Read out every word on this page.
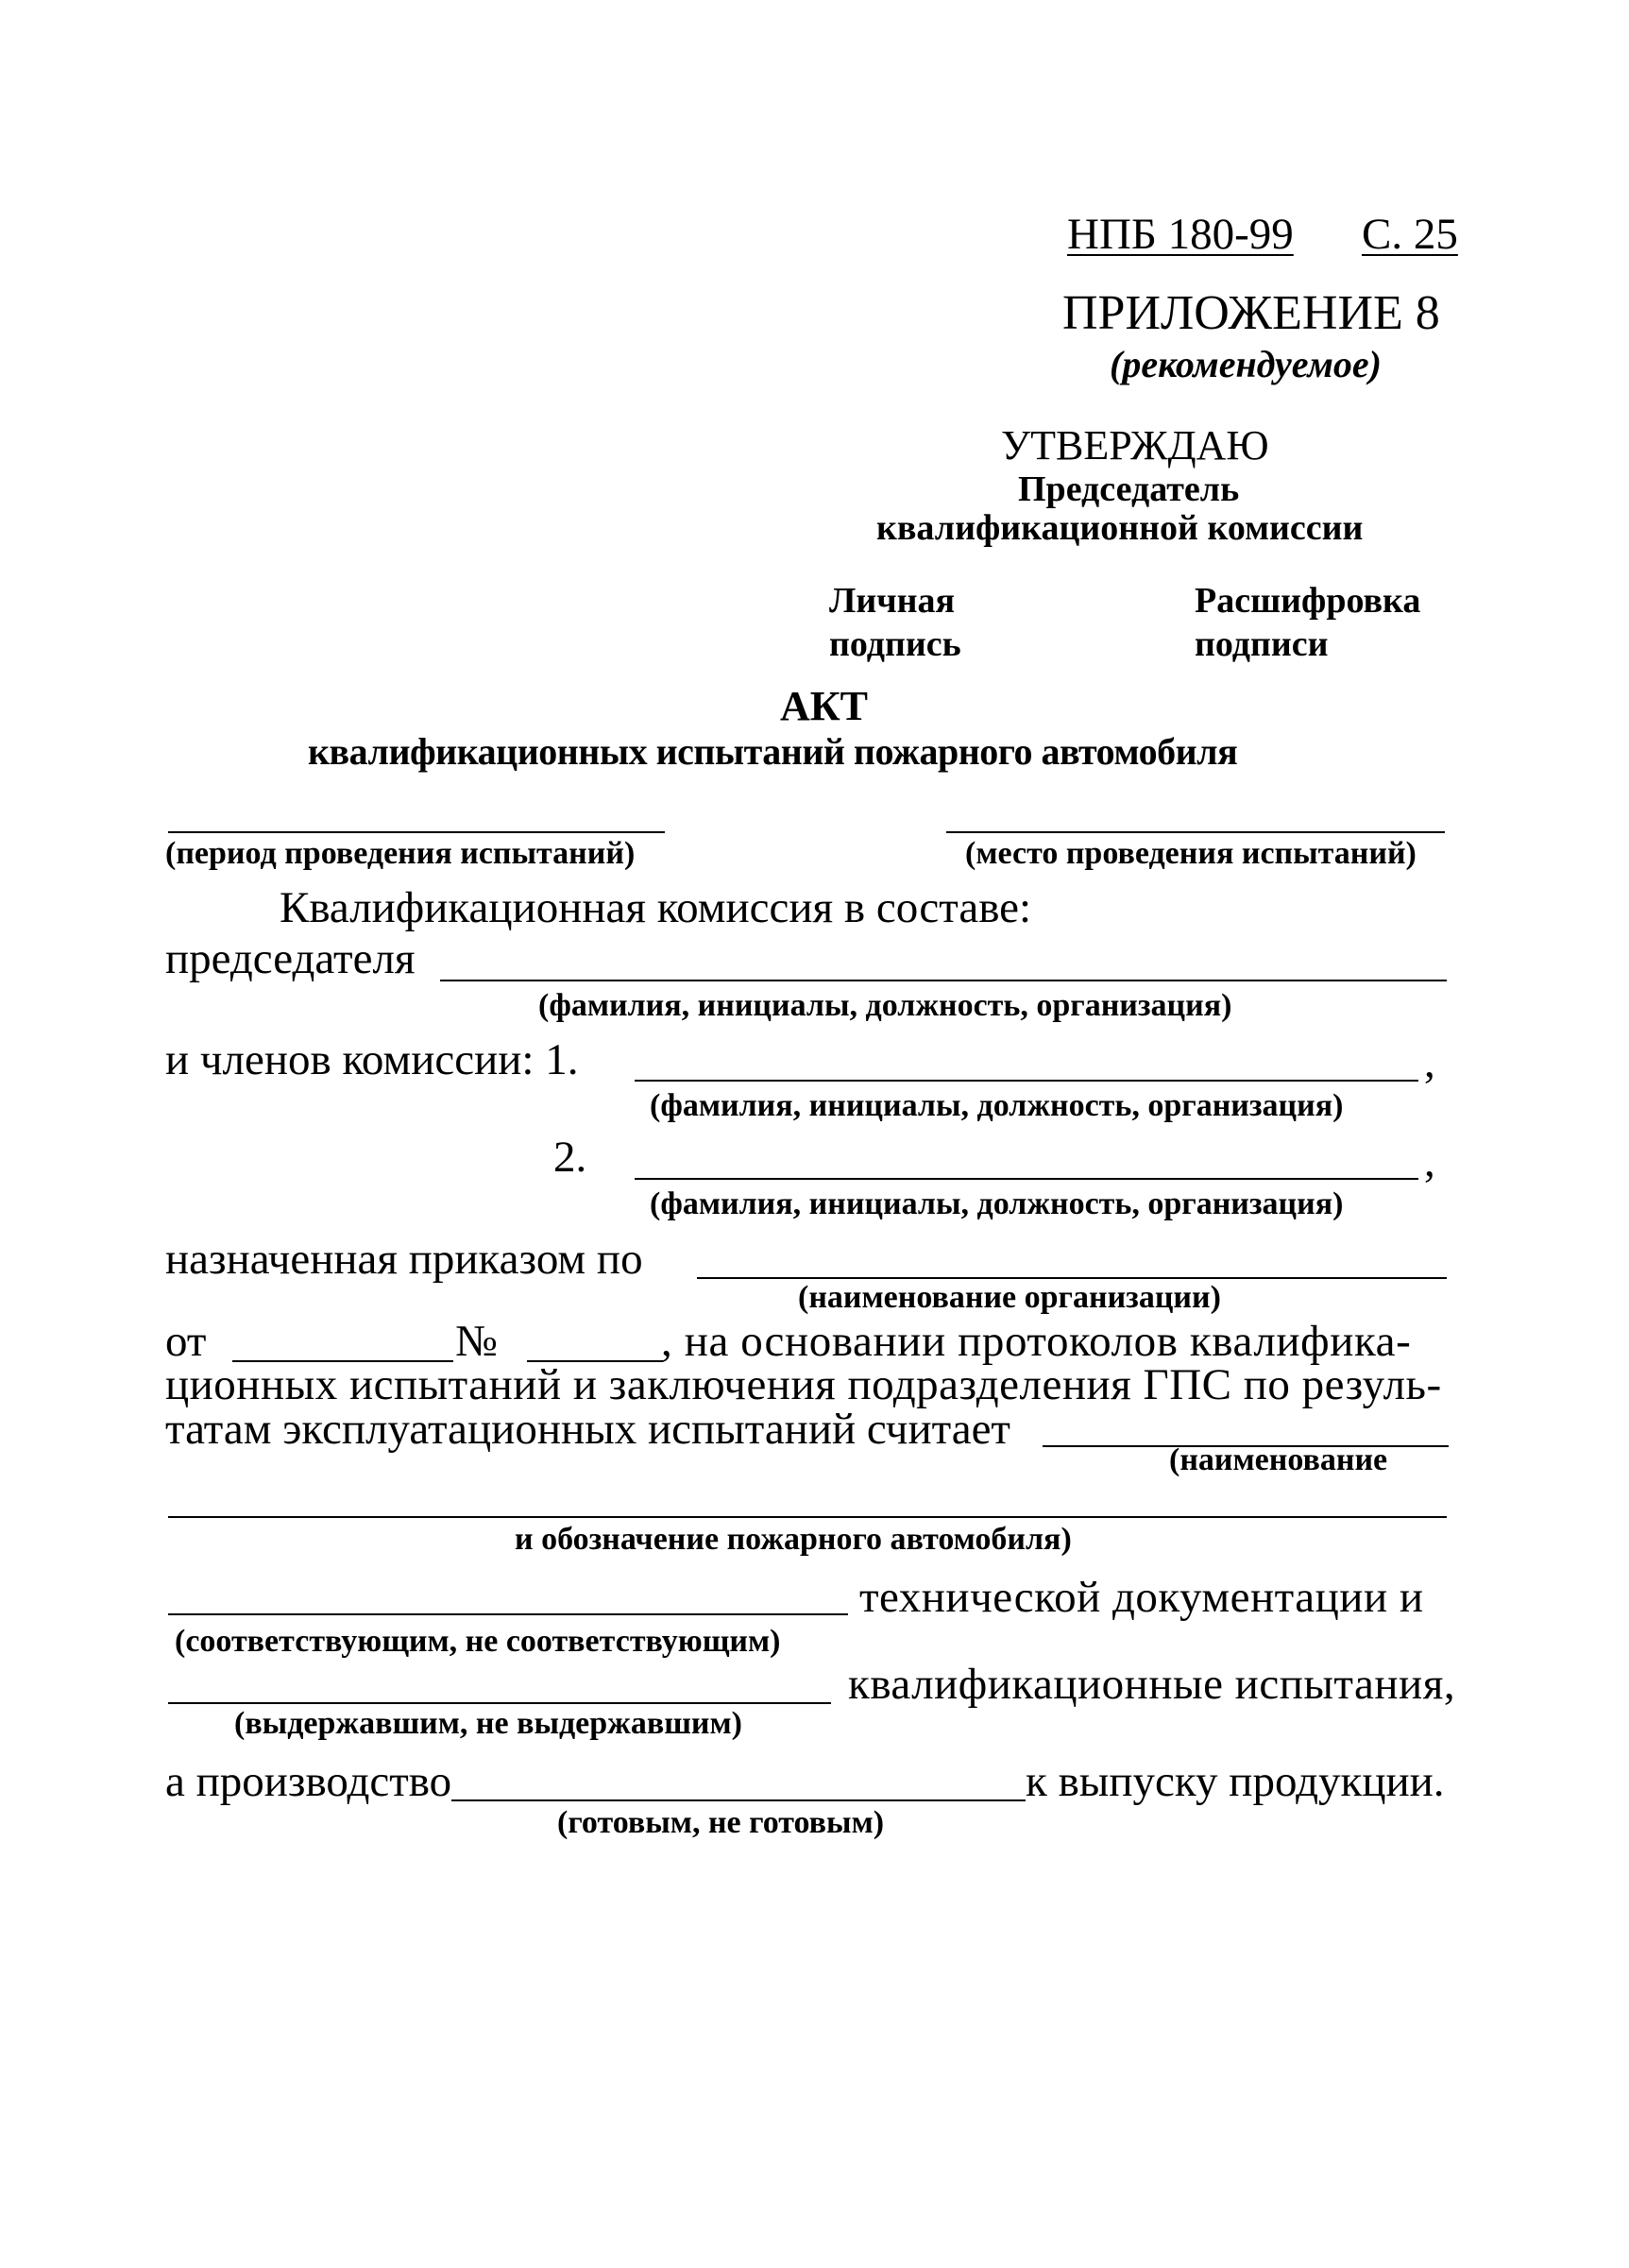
НПБ 180-99 С. 25
ПРИЛОЖЕНИЕ 8
(рекомендуемое)
УТВЕРЖДАЮ
Председатель
квалификационной комиссии
Личная
подпись
Расшифровка
подписи
АКТ
квалификационных испытаний пожарного автомобиля
(период проведения испытаний)	(место проведения испытаний)
Квалификационная комиссия в составе:
председателя
(фамилия, инициалы, должность, организация)
и членов комиссии: 1.	,
(фамилия, инициалы, должность, организация)
2.	,
(фамилия, инициалы, должность, организация)
назначенная приказом по
(наименование организации)
от	№	, на основании протоколов квалифика-
ционных испытаний и заключения подразделения ГПС по резуль-
татам эксплуатационных испытаний считает
(наименование
и обозначение пожарного автомобиля)
технической документации и
(соответствующим, не соответствующим)
квалификационные испытания,
(выдержавшим, не выдержавшим)
а производство	к выпуску продукции.
(готовым, не готовым)
